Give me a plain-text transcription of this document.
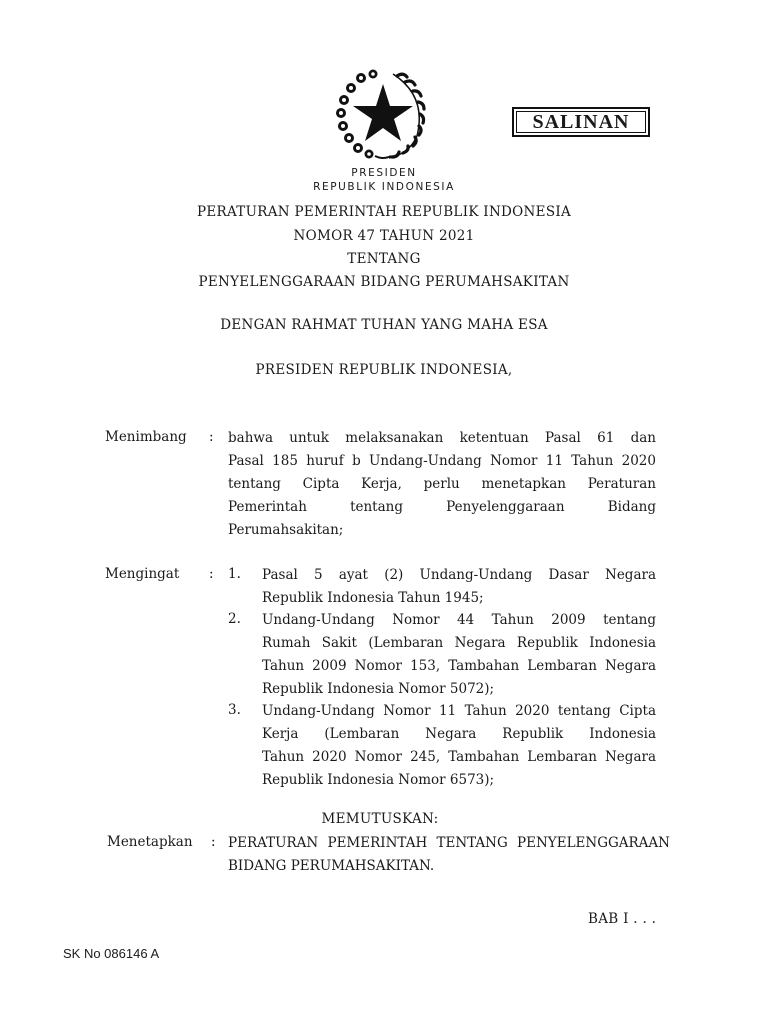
SALINAN
PRESIDEN
REPUBLIK INDONESIA
PERATURAN PEMERINTAH REPUBLIK INDONESIA
NOMOR 47 TAHUN 2021
TENTANG
PENYELENGGARAAN BIDANG PERUMAHSAKITAN
DENGAN RAHMAT TUHAN YANG MAHA ESA
PRESIDEN REPUBLIK INDONESIA,
Menimbang : bahwa untuk melaksanakan ketentuan Pasal 61 dan
Pasal 185 huruf b Undang-Undang Nomor 11 Tahun 2020
tentang Cipta Kerja, perlu menetapkan Peraturan
Pemerintah tentang Penyelenggaraan Bidang
Perumahsakitan;
Mengingat : 1. Pasal 5 ayat (2) Undang-Undang Dasar Negara
Republik Indonesia Tahun 1945;
2. Undang-Undang Nomor 44 Tahun 2009 tentang
Rumah Sakit (Lembaran Negara Republik Indonesia
Tahun 2009 Nomor 153, Tambahan Lembaran Negara
Republik Indonesia Nomor 5072);
3. Undang-Undang Nomor 11 Tahun 2020 tentang Cipta
Kerja (Lembaran Negara Republik Indonesia
Tahun 2020 Nomor 245, Tambahan Lembaran Negara
Republik Indonesia Nomor 6573);
MEMUTUSKAN:
Menetapkan : PERATURAN PEMERINTAH TENTANG PENYELENGGARAAN
BIDANG PERUMAHSAKITAN.
BAB I . . .
SK No 086146 A
